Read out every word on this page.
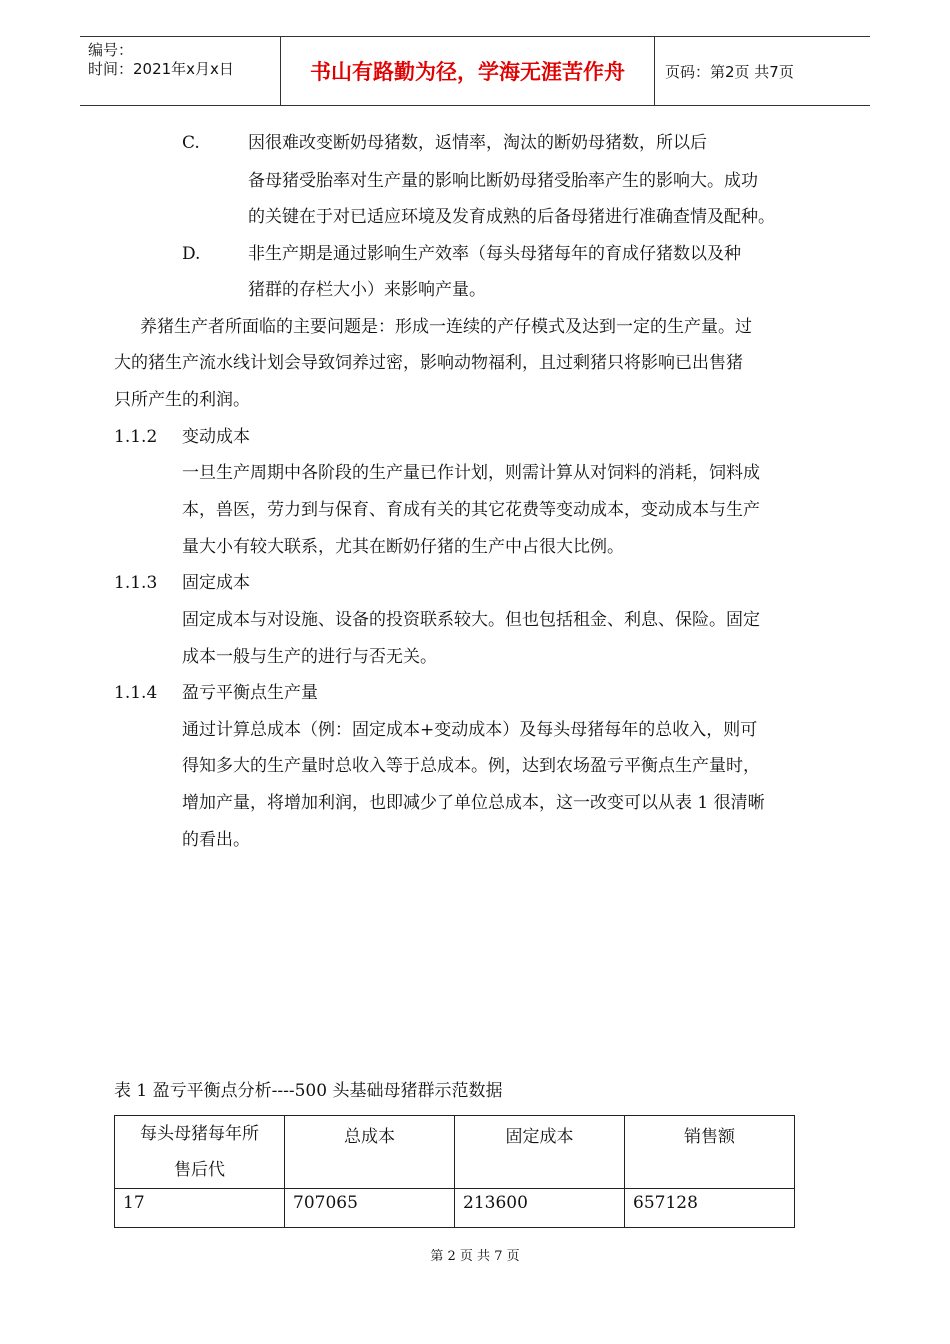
编号：
时间：2021年x月x日	书山有路勤为径，学海无涯苦作舟	页码：第2页 共7页
C.	因很难改变断奶母猪数，返情率，淘汰的断奶母猪数，所以后
备母猪受胎率对生产量的影响比断奶母猪受胎率产生的影响大。成功
的关键在于对已适应环境及发育成熟的后备母猪进行准确查情及配种。
D.	非生产期是通过影响生产效率（每头母猪每年的育成仔猪数以及种
猪群的存栏大小）来影响产量。
养猪生产者所面临的主要问题是：形成一连续的产仔模式及达到一定的生产量。过
大的猪生产流水线计划会导致饲养过密，影响动物福利，且过剩猪只将影响已出售猪
只所产生的利润。
1.1.2 变动成本
一旦生产周期中各阶段的生产量已作计划，则需计算从对饲料的消耗，饲料成
本，兽医，劳力到与保育、育成有关的其它花费等变动成本，变动成本与生产
量大小有较大联系，尤其在断奶仔猪的生产中占很大比例。
1.1.3 固定成本
固定成本与对设施、设备的投资联系较大。但也包括租金、利息、保险。固定
成本一般与生产的进行与否无关。
1.1.4 盈亏平衡点生产量
通过计算总成本（例：固定成本+变动成本）及每头母猪每年的总收入，则可
得知多大的生产量时总收入等于总成本。例，达到农场盈亏平衡点生产量时，
增加产量，将增加利润，也即减少了单位总成本，这一改变可以从表 1 很清晰
的看出。
表 1 盈亏平衡点分析----500 头基础母猪群示范数据
每头母猪每年所
售后代	总成本	固定成本	销售额
17	707065	213600	657128
第 2 页 共 7 页
